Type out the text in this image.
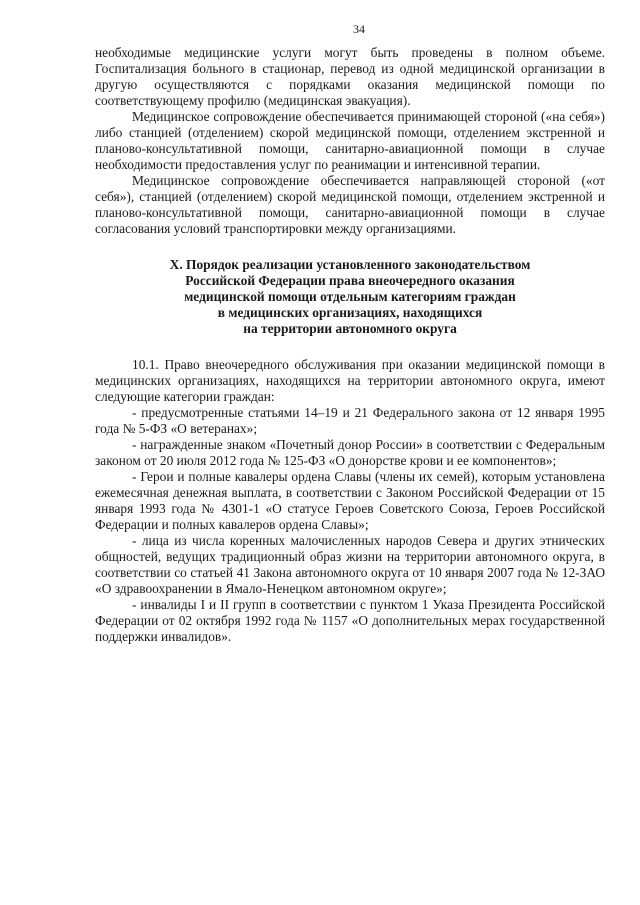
34

необходимые медицинские услуги могут быть проведены в полном объеме. Госпитализация больного в стационар, перевод из одной медицинской организации в другую осуществляются с порядками оказания медицинской помощи по соответствующему профилю (медицинская эвакуация).

Медицинское сопровождение обеспечивается принимающей стороной («на себя») либо станцией (отделением) скорой медицинской помощи, отделением экстренной и планово-консультативной помощи, санитарно-авиационной помощи в случае необходимости предоставления услуг по реанимации и интенсивной терапии.

Медицинское сопровождение обеспечивается направляющей стороной («от себя»), станцией (отделением) скорой медицинской помощи, отделением экстренной и планово-консультативной помощи, санитарно-авиационной помощи в случае согласования условий транспортировки между организациями.

X. Порядок реализации установленного законодательством
Российской Федерации права внеочередного оказания
медицинской помощи отдельным категориям граждан
в медицинских организациях, находящихся
на территории автономного округа

10.1. Право внеочередного обслуживания при оказании медицинской помощи в медицинских организациях, находящихся на территории автономного округа, имеют следующие категории граждан:

- предусмотренные статьями 14–19 и 21 Федерального закона от 12 января 1995 года № 5-ФЗ «О ветеранах»;

- награжденные знаком «Почетный донор России» в соответствии с Федеральным законом от 20 июля 2012 года № 125-ФЗ «О донорстве крови и ее компонентов»;

- Герои и полные кавалеры ордена Славы (члены их семей), которым установлена ежемесячная денежная выплата, в соответствии с Законом Российской Федерации от 15 января 1993 года № 4301-1 «О статусе Героев Советского Союза, Героев Российской Федерации и полных кавалеров ордена Славы»;

- лица из числа коренных малочисленных народов Севера и других этнических общностей, ведущих традиционный образ жизни на территории автономного округа, в соответствии со статьей 41 Закона автономного округа от 10 января 2007 года № 12-ЗАО «О здравоохранении в Ямало-Ненецком автономном округе»;

- инвалиды I и II групп в соответствии с пунктом 1 Указа Президента Российской Федерации от 02 октября 1992 года № 1157 «О дополнительных мерах государственной поддержки инвалидов».
